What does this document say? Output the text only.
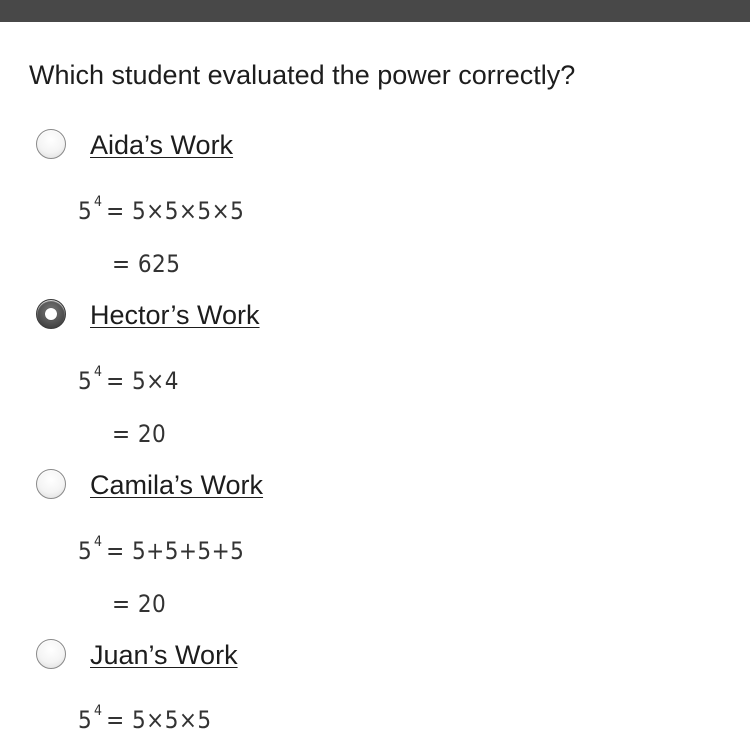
Which student evaluated the power correctly?
Aida’s Work
5 $^4$ = 5×5×5×5
= 625
Hector’s Work
5 $^4$ = 5×4
= 20
Camila’s Work
5 $^4$ = 5+5+5+5
= 20
Juan’s Work
5 $^4$ = 5×5×5
